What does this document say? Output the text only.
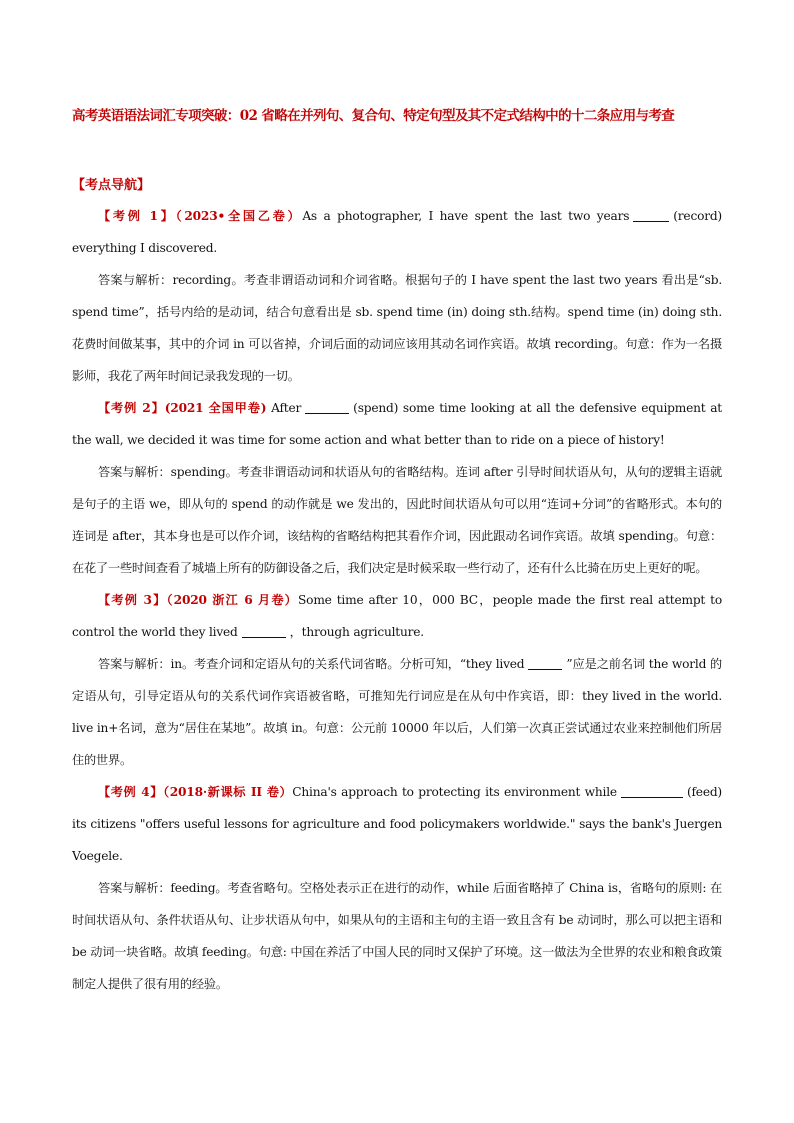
高考英语语法词汇专项突破：02 省略在并列句、复合句、特定句型及其不定式结构中的十二条应用与考查
【考点导航】

【考例 1】（2023•全国乙卷）As a photographer, I have spent the last two years	(record) everything I discovered.

答案与解析：recording。考查非谓语动词和介词省略。根据句子的 I have spent the last two years 看出是“sb. spend time”，括号内给的是动词，结合句意看出是 sb. spend time (in) doing sth.结构。spend time (in) doing sth.花费时间做某事，其中的介词 in 可以省掉，介词后面的动词应该用其动名词作宾语。故填 recording。句意：作为一名摄影师，我花了两年时间记录我发现的一切。

【考例 2】(2021 全国甲卷) After	(spend) some time looking at all the defensive equipment at the wall, we decided it was time for some action and what better than to ride on a piece of history!

答案与解析：spending。考查非谓语动词和状语从句的省略结构。连词 after 引导时间状语从句，从句的逻辑主语就是句子的主语 we，即从句的 spend 的动作就是 we 发出的，因此时间状语从句可以用“连词+分词”的省略形式。本句的连词是 after，其本身也是可以作介词，该结构的省略结构把其看作介词，因此跟动名词作宾语。故填 spending。句意：在花了一些时间查看了城墙上所有的防御设备之后，我们决定是时候采取一些行动了，还有什么比骑在历史上更好的呢。

【考例 3】（2020 浙江 6 月卷）Some time after 10，000 BC，people made the first real attempt to control the world they lived	，through agriculture.

答案与解析：in。考查介词和定语从句的关系代词省略。分析可知，“they lived	”应是之前名词 the world 的定语从句，引导定语从句的关系代词作宾语被省略，可推知先行词应是在从句中作宾语，即：they lived in the world. live in+名词，意为“居住在某地”。故填 in。句意：公元前 10000 年以后，人们第一次真正尝试通过农业来控制他们所居住的世界。

【考例 4】（2018·新课标 II 卷）China's approach to protecting its environment while	(feed) its citizens "offers useful lessons for agriculture and food policymakers worldwide." says the bank's Juergen Voegele.

答案与解析：feeding。考查省略句。空格处表示正在进行的动作，while 后面省略掉了 China is，省略句的原则: 在时间状语从句、条件状语从句、让步状语从句中，如果从句的主语和主句的主语一致且含有 be 动词时，那么可以把主语和 be 动词一块省略。故填 feeding。句意: 中国在养活了中国人民的同时又保护了环境。这一做法为全世界的农业和粮食政策制定人提供了很有用的经验。
